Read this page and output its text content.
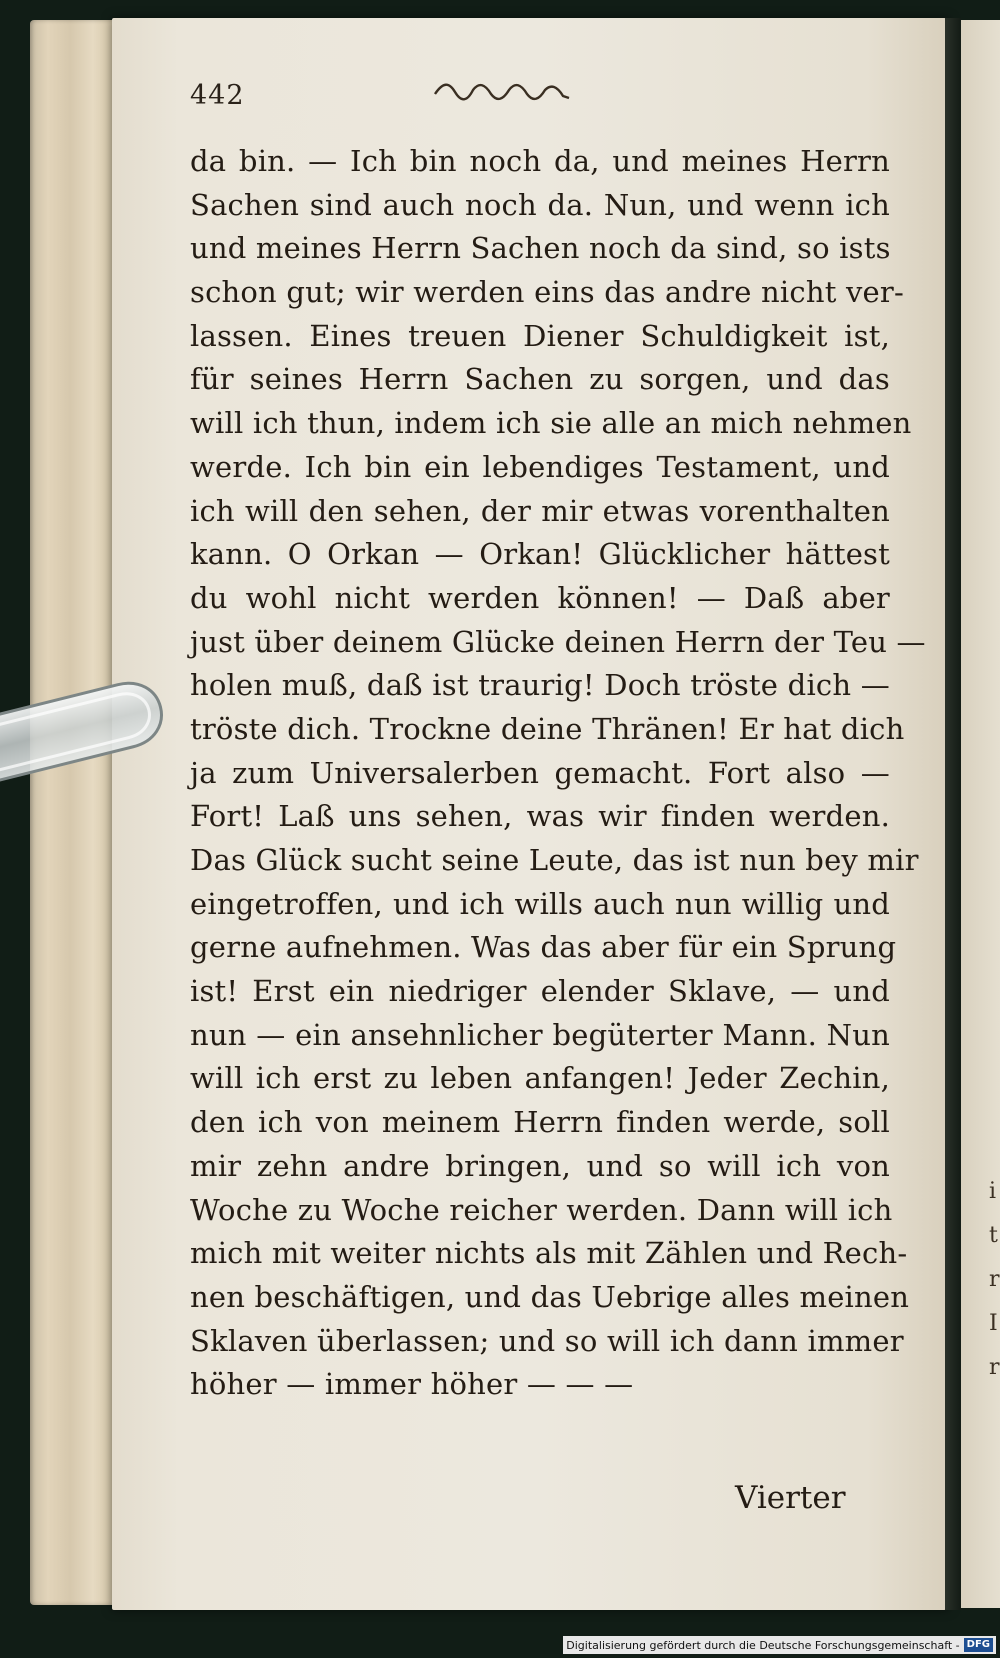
i
t
r
I
r
442
da bin. — Ich bin noch da, und meines Herrn
Sachen sind auch noch da. Nun, und wenn ich
und meines Herrn Sachen noch da sind, so ists
schon gut; wir werden eins das andre nicht ver-
lassen. Eines treuen Diener Schuldigkeit ist,
für seines Herrn Sachen zu sorgen, und das
will ich thun, indem ich sie alle an mich nehmen
werde. Ich bin ein lebendiges Testament, und
ich will den sehen, der mir etwas vorenthalten
kann. O Orkan — Orkan! Glücklicher hättest
du wohl nicht werden können! — Daß aber
just über deinem Glücke deinen Herrn der Teu —
holen muß, daß ist traurig! Doch tröste dich —
tröste dich. Trockne deine Thränen! Er hat dich
ja zum Universalerben gemacht. Fort also —
Fort! Laß uns sehen, was wir finden werden.
Das Glück sucht seine Leute, das ist nun bey mir
eingetroffen, und ich wills auch nun willig und
gerne aufnehmen. Was das aber für ein Sprung
ist! Erst ein niedriger elender Sklave, — und
nun — ein ansehnlicher begüterter Mann. Nun
will ich erst zu leben anfangen! Jeder Zechin,
den ich von meinem Herrn finden werde, soll
mir zehn andre bringen, und so will ich von
Woche zu Woche reicher werden. Dann will ich
mich mit weiter nichts als mit Zählen und Rech-
nen beschäftigen, und das Uebrige alles meinen
Sklaven überlassen; und so will ich dann immer
höher — immer höher — — —
Vierter
Digitalisierung gefördert durch die Deutsche Forschungsgemeinschaft - DFG
